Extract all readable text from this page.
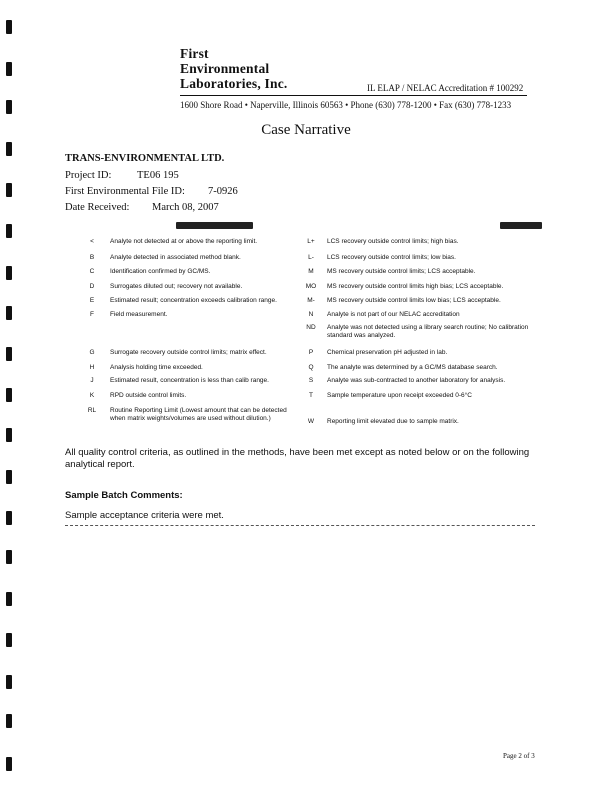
First
Environmental
Laboratories, Inc.	IL ELAP / NELAC Accreditation # 100292
1600 Shore Road • Naperville, Illinois 60563 • Phone (630) 778-1200 • Fax (630) 778-1233
Case Narrative
TRANS-ENVIRONMENTAL LTD.
Project ID: TE06 195
First Environmental File ID: 7-0926
Date Received: March 08, 2007
<	Analyte not detected at or above the reporting limit.
B	Analyte detected in associated method blank.
C	Identification confirmed by GC/MS.
D	Surrogates diluted out; recovery not available.
E	Estimated result; concentration exceeds calibration range.
F	Field measurement.
G	Surrogate recovery outside control limits; matrix effect.
H	Analysis holding time exceeded.
J	Estimated result, concentration is less than calib range.
K	RPD outside control limits.
RL	Routine Reporting Limit (Lowest amount that can be detected when matrix weights/volumes are used without dilution.)
L+	LCS recovery outside control limits; high bias.
L-	LCS recovery outside control limits; low bias.
M	MS recovery outside control limits; LCS acceptable.
MO	MS recovery outside control limits high bias; LCS acceptable.
M-	MS recovery outside control limits low bias; LCS acceptable.
N	Analyte is not part of our NELAC accreditation
ND	Analyte was not detected using a library search routine; No calibration standard was analyzed.
P	Chemical preservation pH adjusted in lab.
Q	The analyte was determined by a GC/MS database search.
S	Analyte was sub-contracted to another laboratory for analysis.
T	Sample temperature upon receipt exceeded 0-6°C
W	Reporting limit elevated due to sample matrix.
All quality control criteria, as outlined in the methods, have been met except as noted below or on the following analytical report.
Sample Batch Comments:
Sample acceptance criteria were met.
Page 2 of 3
